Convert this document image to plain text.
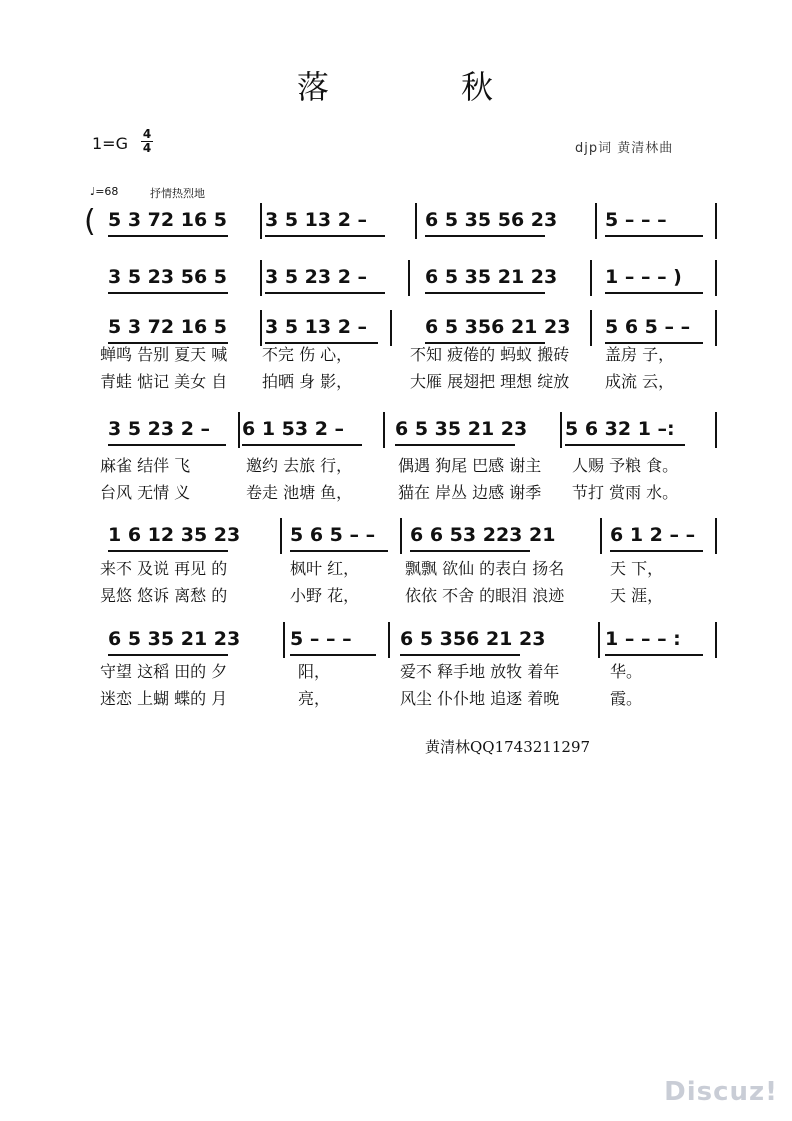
落	秋
1=G 4
4	djp词 黄清林曲
♩=68	抒情热烈地
( 5 3 72 16 5 3 5 13 2 –	6 5 35 56 23	5 – – –
3 5 23 56 5 3 5 23 2 –	6 5 35 21 23	1 – – – )
5 3 72 16 5 3 5 13 2 –	6 5 356 21 23 5 6 5 – –
3 5 23 2 – 6 1 53 2 –	6 5 35 21 23 5 6 32 1 –:
1 6 12 35 23	5 6 5 – – 6 6 53 223 21	6 1 2 – –
6 5 35 21 23	5 – – –	6 5 356 21 23	1 – – – :
黄清林QQ1743211297
Discuz!
蝉鸣 告别 夏天 喊 不完 伤 心，	不知 疲倦的 蚂蚁 搬砖 盖房 子，
青蛙 惦记 美女 自 拍晒 身 影，	大雁 展翅把 理想 绽放 成流 云，
麻雀 结伴 飞	邀约 去旅 行，	偶遇 狗尾 巴感 谢主 人赐 予粮 食。
台风 无情 义	卷走 池塘 鱼，	猫在 岸丛 边感 谢季 节打 赏雨 水。
来不 及说 再见 的	枫叶 红，	飘飘 欲仙 的表白 扬名	天 下，
晃悠 悠诉 离愁 的	小野 花，	依依 不舍 的眼泪 浪迹	天 涯，
守望 这稻 田的 夕	阳，	爱不 释手地 放牧 着年	华。
迷恋 上蝴 蝶的 月	亮，	风尘 仆仆地 追逐 着晚	霞。
